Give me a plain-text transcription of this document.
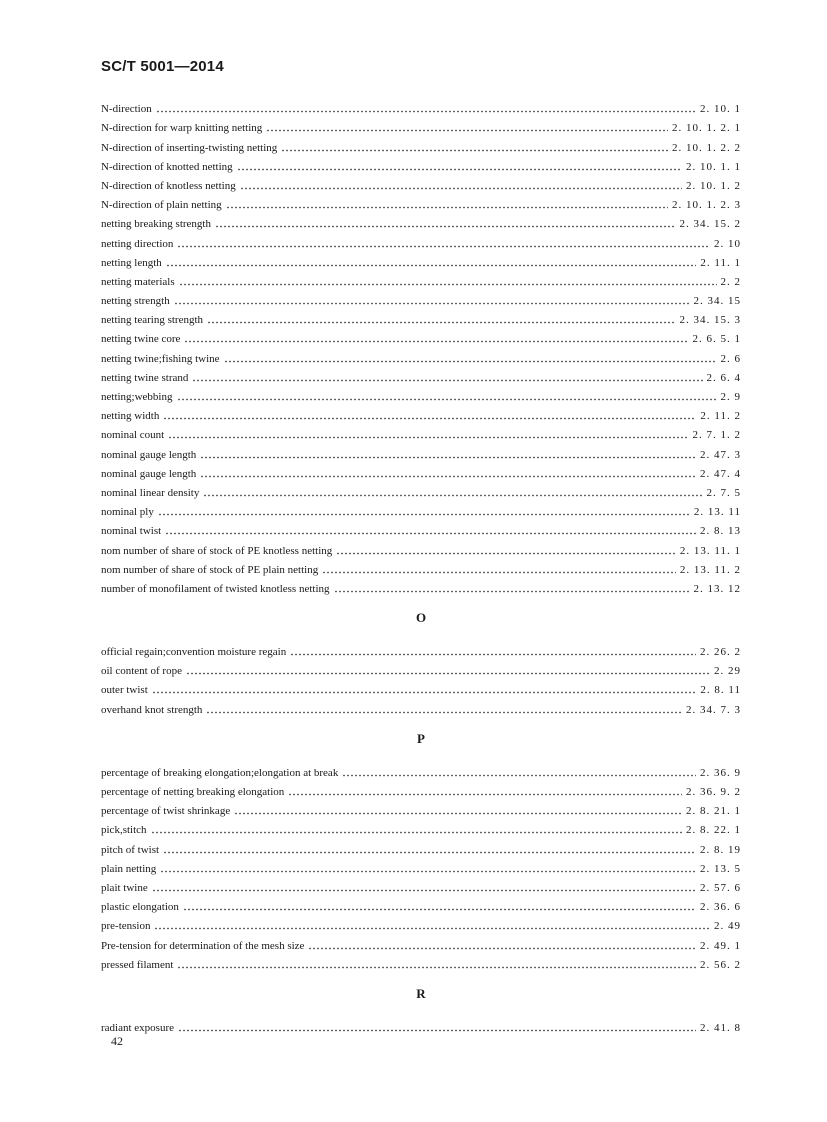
SC/T 5001—2014
N-direction	2. 10. 1
N-direction for warp knitting netting	2. 10. 1. 2. 1
N-direction of inserting-twisting netting	2. 10. 1. 2. 2
N-direction of knotted netting	2. 10. 1. 1
N-direction of knotless netting	2. 10. 1. 2
N-direction of plain netting	2. 10. 1. 2. 3
netting breaking strength	2. 34. 15. 2
netting direction	2. 10
netting length	2. 11. 1
netting materials	2. 2
netting strength	2. 34. 15
netting tearing strength	2. 34. 15. 3
netting twine core	2. 6. 5. 1
netting twine;fishing twine	2. 6
netting twine strand	2. 6. 4
netting;webbing	2. 9
netting width	2. 11. 2
nominal count	2. 7. 1. 2
nominal gauge length	2. 47. 3
nominal gauge length	2. 47. 4
nominal linear density	2. 7. 5
nominal ply	2. 13. 11
nominal twist	2. 8. 13
nom number of share of stock of PE knotless netting	2. 13. 11. 1
nom number of share of stock of PE plain netting	2. 13. 11. 2
number of monofilament of twisted knotless netting	2. 13. 12
O
official regain;convention moisture regain	2. 26. 2
oil content of rope	2. 29
outer twist	2. 8. 11
overhand knot strength	2. 34. 7. 3
P
percentage of breaking elongation;elongation at break	2. 36. 9
percentage of netting breaking elongation	2. 36. 9. 2
percentage of twist shrinkage	2. 8. 21. 1
pick,stitch	2. 8. 22. 1
pitch of twist	2. 8. 19
plain netting	2. 13. 5
plait twine	2. 57. 6
plastic elongation	2. 36. 6
pre-tension	2. 49
Pre-tension for determination of the mesh size	2. 49. 1
pressed filament	2. 56. 2
R
radiant exposure	2. 41. 8
42
